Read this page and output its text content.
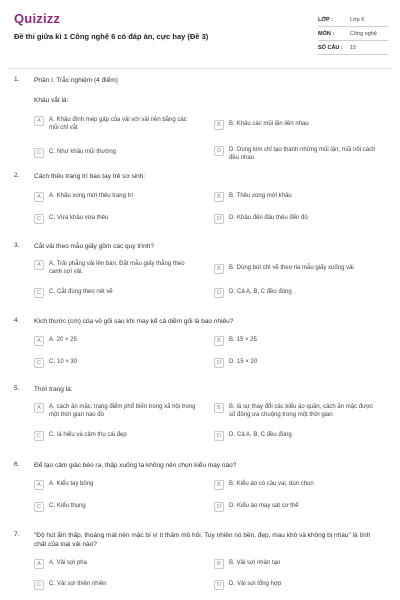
Quizizz
Đề thi giữa kì 1 Công nghệ 6 có đáp án, cực hay (Đề 3)
LỚP :	Lớp 6
MÔN :	Công nghệ
SỐ CÂU :	15
1. Phần I. Trắc nghiệm (4 điểm)
Khâu vắt là:
A	A. Khâu đính mép gấp của vải với vải nền bằng các mũi chỉ vắt	B	B. Khâu các mũi lặn liền nhau
C	C. Như khâu mũi thường	D	D. Dùng kim chỉ tạo thành những mũi lặn, mũi nổi cách đều nhau
2. Cách thêu trang trí bao tay trẻ sơ sinh:
A	A. Khâu xong mới thêu trang trí	B	B. Thêu xong mới khâu
C	C. Vừa khâu vừa thêu	D	D. Khâu đến đâu thêu đến đó
3. Cắt vải theo mẫu giấy gồm các quy trình?
A	A. Trải phẳng vải lên bàn. Đặt mẫu giấy thẳng theo canh sợi vải.	B	B. Dùng bút chì vẽ theo ria mẫu giấy xuống vải
C	C. Cắt đúng theo nét vẽ	D	D. Cả A, B, C đều đúng
4. Kích thước (cm) của vỏ gối sau khi may kể cả diềm gối là bao nhiêu?
A	A. 20 × 25	B	B. 15 × 25
C	C. 10 × 30	D	D. 15 × 20
5. Thời trang là:
A	A. cách ăn mặc, trang điểm phổ biến trong xã hội trong một thời gian nào đó
B	B. là sự thay đổi các kiểu áo quần, cách ăn mặc được số đông ưa chuộng trong một thời gian
C	C. là hiểu và cảm thụ cái đẹp	D	D. Cả A, B, C đều đúng
6. Để tạo cảm giác béo ra, thấp xuống ta không nên chọn kiểu may nào?
A	A. Kiểu tay bồng	B	B. Kiểu áo có cầu vai, dún chun
C	C. Kiểu thụng	D	D. Kiểu áo may sát cơ thể
7. "Độ hút ẩm thấp, thoáng mát nên mặc bí vì ít thấm mồ hôi. Tuy nhiên nó bền, đẹp, mau khô và không bị nhàu" là tính chất của loại vải nào?
A	A. Vải sợi pha	B	B. Vải sợi nhân tạo
C	C. Vải sợi thiên nhiên	D	D. Vải sợi tổng hợp
